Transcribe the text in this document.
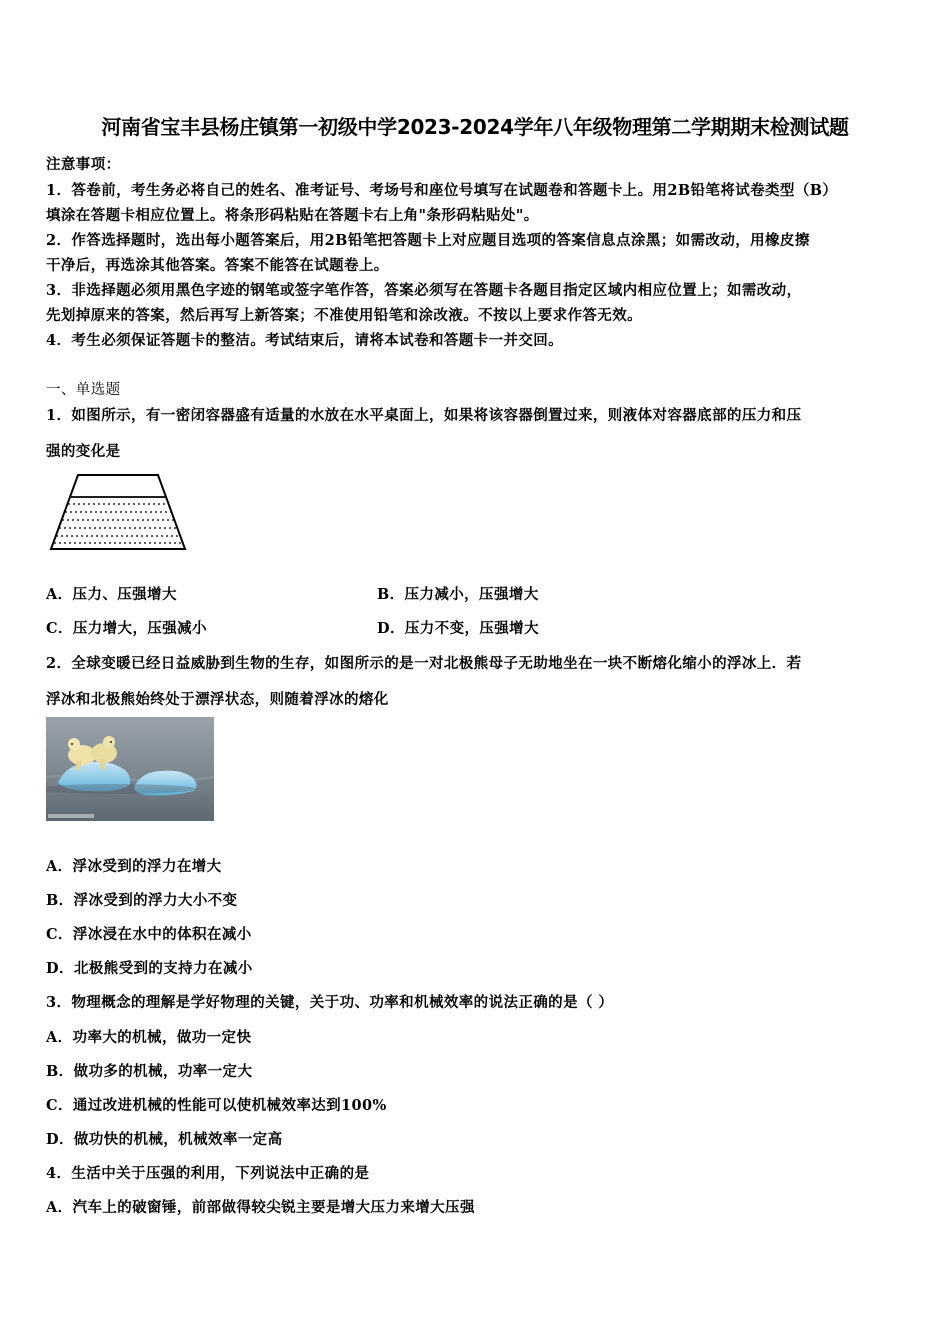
河南省宝丰县杨庄镇第一初级中学2023-2024学年八年级物理第二学期期末检测试题
注意事项：
1．答卷前，考生务必将自己的姓名、准考证号、考场号和座位号填写在试题卷和答题卡上。用2B铅笔将试卷类型（B）
填涂在答题卡相应位置上。将条形码粘贴在答题卡右上角"条形码粘贴处"。
2．作答选择题时，选出每小题答案后，用2B铅笔把答题卡上对应题目选项的答案信息点涂黑；如需改动，用橡皮擦
干净后，再选涂其他答案。答案不能答在试题卷上。
3．非选择题必须用黑色字迹的钢笔或签字笔作答，答案必须写在答题卡各题目指定区域内相应位置上；如需改动，
先划掉原来的答案，然后再写上新答案；不准使用铅笔和涂改液。不按以上要求作答无效。
4．考生必须保证答题卡的整洁。考试结束后，请将本试卷和答题卡一并交回。
一、单选题
1．如图所示，有一密闭容器盛有适量的水放在水平桌面上，如果将该容器倒置过来，则液体对容器底部的压力和压
强的变化是
A．压力、压强增大	B．压力减小，压强增大
C．压力增大，压强减小	D．压力不变，压强增大
2．全球变暖已经日益威胁到生物的生存，如图所示的是一对北极熊母子无助地坐在一块不断熔化缩小的浮冰上．若
浮冰和北极熊始终处于漂浮状态，则随着浮冰的熔化
A．浮冰受到的浮力在增大
B．浮冰受到的浮力大小不变
C．浮冰浸在水中的体积在减小
D．北极熊受到的支持力在减小
3．物理概念的理解是学好物理的关键，关于功、功率和机械效率的说法正确的是（ ）
A．功率大的机械，做功一定快
B．做功多的机械，功率一定大
C．通过改进机械的性能可以使机械效率达到100%
D．做功快的机械，机械效率一定高
4．生活中关于压强的利用，下列说法中正确的是
A．汽车上的破窗锤，前部做得较尖锐主要是增大压力来增大压强
